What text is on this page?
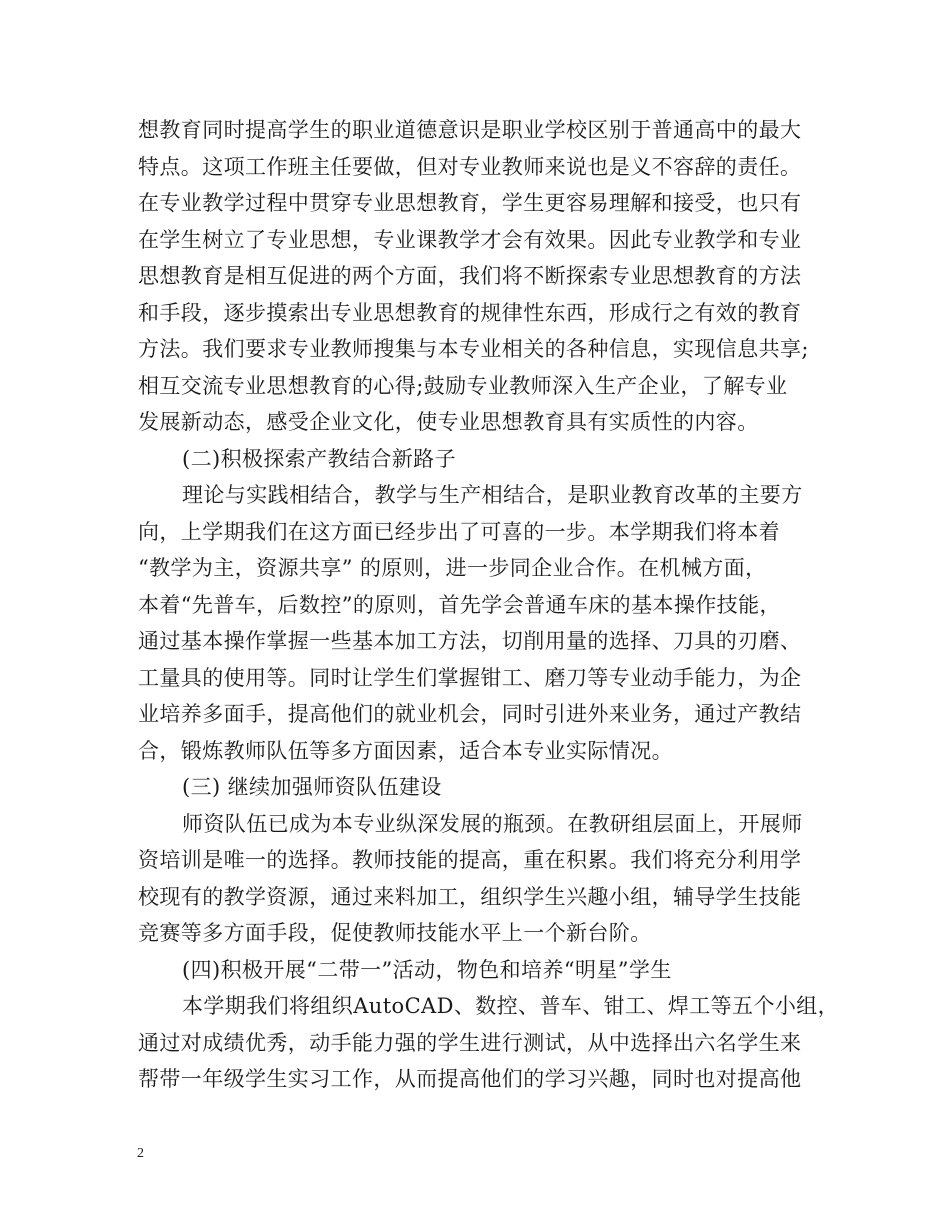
想教育同时提高学生的职业道德意识是职业学校区别于普通高中的最大
特点。这项工作班主任要做，但对专业教师来说也是义不容辞的责任。
在专业教学过程中贯穿专业思想教育，学生更容易理解和接受，也只有
在学生树立了专业思想，专业课教学才会有效果。因此专业教学和专业
思想教育是相互促进的两个方面，我们将不断探索专业思想教育的方法
和手段，逐步摸索出专业思想教育的规律性东西，形成行之有效的教育
方法。我们要求专业教师搜集与本专业相关的各种信息，实现信息共享;
相互交流专业思想教育的心得;鼓励专业教师深入生产企业，了解专业
发展新动态，感受企业文化，使专业思想教育具有实质性的内容。
(二)积极探索产教结合新路子
理论与实践相结合，教学与生产相结合，是职业教育改革的主要方
向，上学期我们在这方面已经步出了可喜的一步。本学期我们将本着
“教学为主，资源共享” 的原则，进一步同企业合作。在机械方面，
本着“先普车，后数控”的原则，首先学会普通车床的基本操作技能，
通过基本操作掌握一些基本加工方法，切削用量的选择、刀具的刃磨、
工量具的使用等。同时让学生们掌握钳工、磨刀等专业动手能力，为企
业培养多面手，提高他们的就业机会，同时引进外来业务，通过产教结
合，锻炼教师队伍等多方面因素，适合本专业实际情况。
(三) 继续加强师资队伍建设
师资队伍已成为本专业纵深发展的瓶颈。在教研组层面上，开展师
资培训是唯一的选择。教师技能的提高，重在积累。我们将充分利用学
校现有的教学资源，通过来料加工，组织学生兴趣小组，辅导学生技能
竞赛等多方面手段，促使教师技能水平上一个新台阶。
(四)积极开展“二带一”活动，物色和培养“明星”学生
本学期我们将组织AutoCAD、数控、普车、钳工、焊工等五个小组，
通过对成绩优秀，动手能力强的学生进行测试，从中选择出六名学生来
帮带一年级学生实习工作，从而提高他们的学习兴趣，同时也对提高他
2
